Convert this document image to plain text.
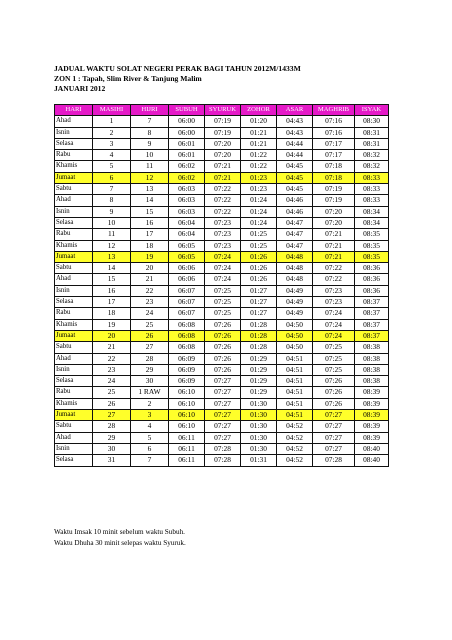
JADUAL WAKTU SOLAT NEGERI PERAK BAGI TAHUN 2012M/1433M
ZON 1 : Tapah, Slim River & Tanjung Malim
JANUARI 2012
HARI	MASIHI	HIJRI	SUBUH	SYURUK	ZOHOR	ASAR	MAGHRIB	ISYAK
Ahad	1	7	06:00	07:19	01:20	04:43	07:16	08:30
Isnin	2	8	06:00	07:19	01:21	04:43	07:16	08:31
Selasa	3	9	06:01	07:20	01:21	04:44	07:17	08:31
Rabu	4	10	06:01	07:20	01:22	04:44	07:17	08:32
Khamis	5	11	06:02	07:21	01:22	04:45	07:18	08:32
Jumaat	6	12	06:02	07:21	01:23	04:45	07:18	08:33
Sabtu	7	13	06:03	07:22	01:23	04:45	07:19	08:33
Ahad	8	14	06:03	07:22	01:24	04:46	07:19	08:33
Isnin	9	15	06:03	07:22	01:24	04:46	07:20	08:34
Selasa	10	16	06:04	07:23	01:24	04:47	07:20	08:34
Rabu	11	17	06:04	07:23	01:25	04:47	07:21	08:35
Khamis	12	18	06:05	07:23	01:25	04:47	07:21	08:35
Jumaat	13	19	06:05	07:24	01:26	04:48	07:21	08:35
Sabtu	14	20	06:06	07:24	01:26	04:48	07:22	08:36
Ahad	15	21	06:06	07:24	01:26	04:48	07:22	08:36
Isnin	16	22	06:07	07:25	01:27	04:49	07:23	08:36
Selasa	17	23	06:07	07:25	01:27	04:49	07:23	08:37
Rabu	18	24	06:07	07:25	01:27	04:49	07:24	08:37
Khamis	19	25	06:08	07:26	01:28	04:50	07:24	08:37
Jumaat	20	26	06:08	07:26	01:28	04:50	07:24	08:37
Sabtu	21	27	06:08	07:26	01:28	04:50	07:25	08:38
Ahad	22	28	06:09	07:26	01:29	04:51	07:25	08:38
Isnin	23	29	06:09	07:26	01:29	04:51	07:25	08:38
Selasa	24	30	06:09	07:27	01:29	04:51	07:26	08:38
Rabu	25	1 RAW	06:10	07:27	01:29	04:51	07:26	08:39
Khamis	26	2	06:10	07:27	01:30	04:51	07:26	08:39
Jumaat	27	3	06:10	07:27	01:30	04:51	07:27	08:39
Sabtu	28	4	06:10	07:27	01:30	04:52	07:27	08:39
Ahad	29	5	06:11	07:27	01:30	04:52	07:27	08:39
Isnin	30	6	06:11	07:28	01:30	04:52	07:27	08:40
Selasa	31	7	06:11	07:28	01:31	04:52	07:28	08:40
Waktu Imsak 10 minit sebelum waktu Subuh.
Waktu Dhuha 30 minit selepas waktu Syuruk.
